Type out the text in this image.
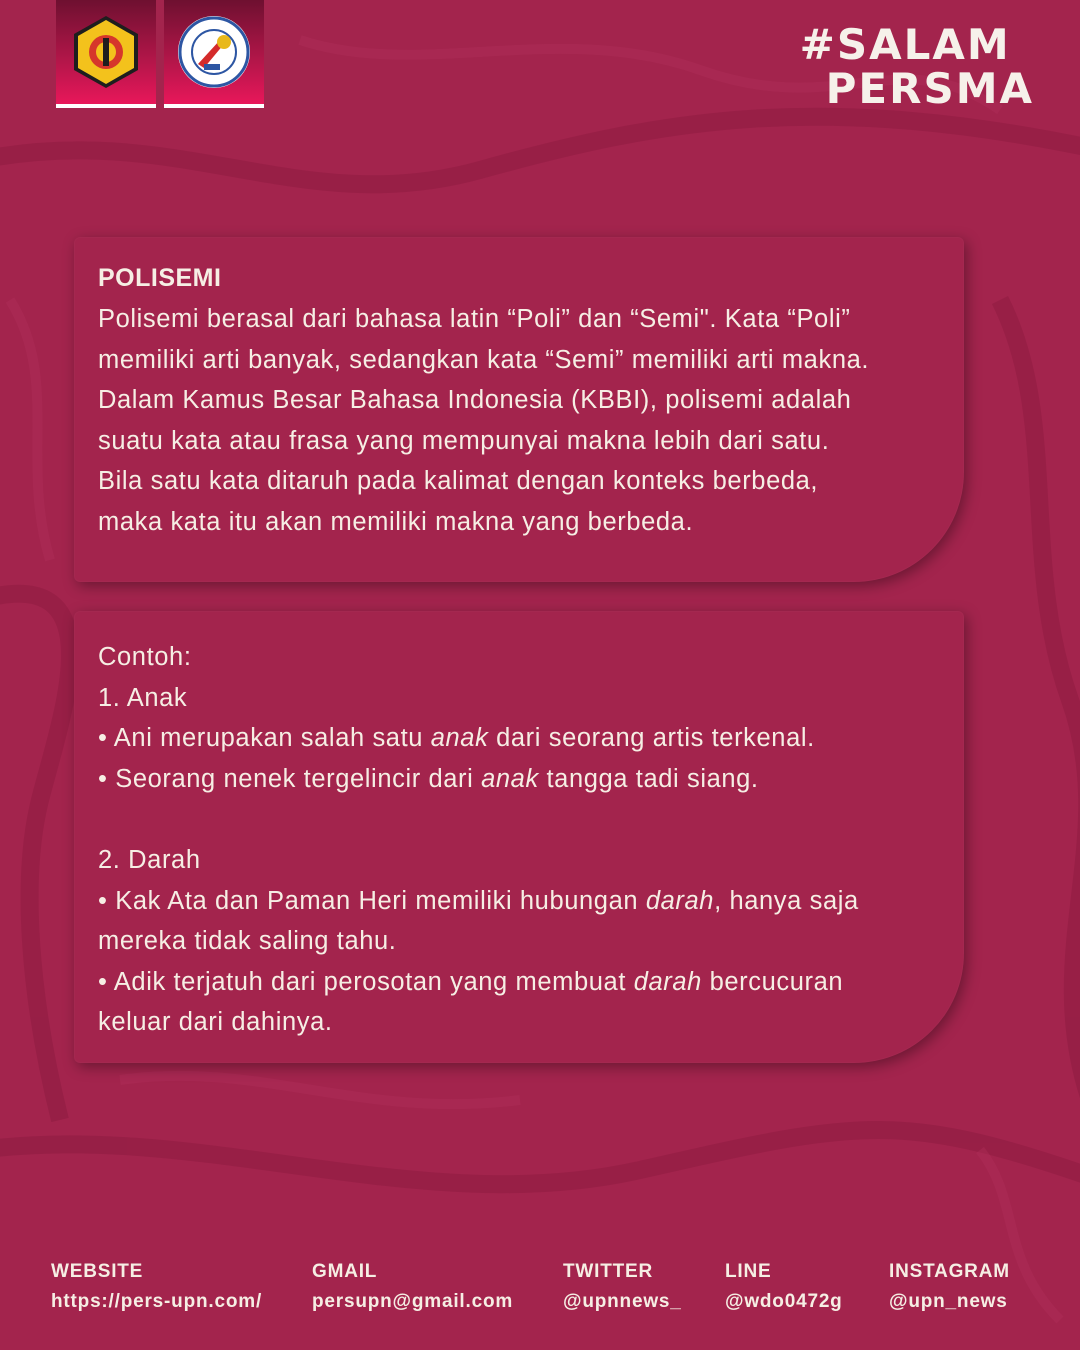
#SALAM
PERSMA

POLISEMI

Polisemi berasal dari bahasa latin “Poli” dan “Semi". Kata “Poli”

memiliki arti banyak, sedangkan kata “Semi” memiliki arti makna.

Dalam Kamus Besar Bahasa Indonesia (KBBI), polisemi adalah

suatu kata atau frasa yang mempunyai makna lebih dari satu.

Bila satu kata ditaruh pada kalimat dengan konteks berbeda,

maka kata itu akan memiliki makna yang berbeda.

Contoh:

1. Anak

• Ani merupakan salah satu anak dari seorang artis terkenal.

• Seorang nenek tergelincir dari anak tangga tadi siang.

2. Darah

• Kak Ata dan Paman Heri memiliki hubungan darah, hanya saja

mereka tidak saling tahu.

• Adik terjatuh dari perosotan yang membuat darah bercucuran

keluar dari dahinya.

WEBSITE
https://pers-upn.com/
GMAIL
persupn@gmail.com
TWITTER
@upnnews_
LINE
@wdo0472g
INSTAGRAM
@upn_news
